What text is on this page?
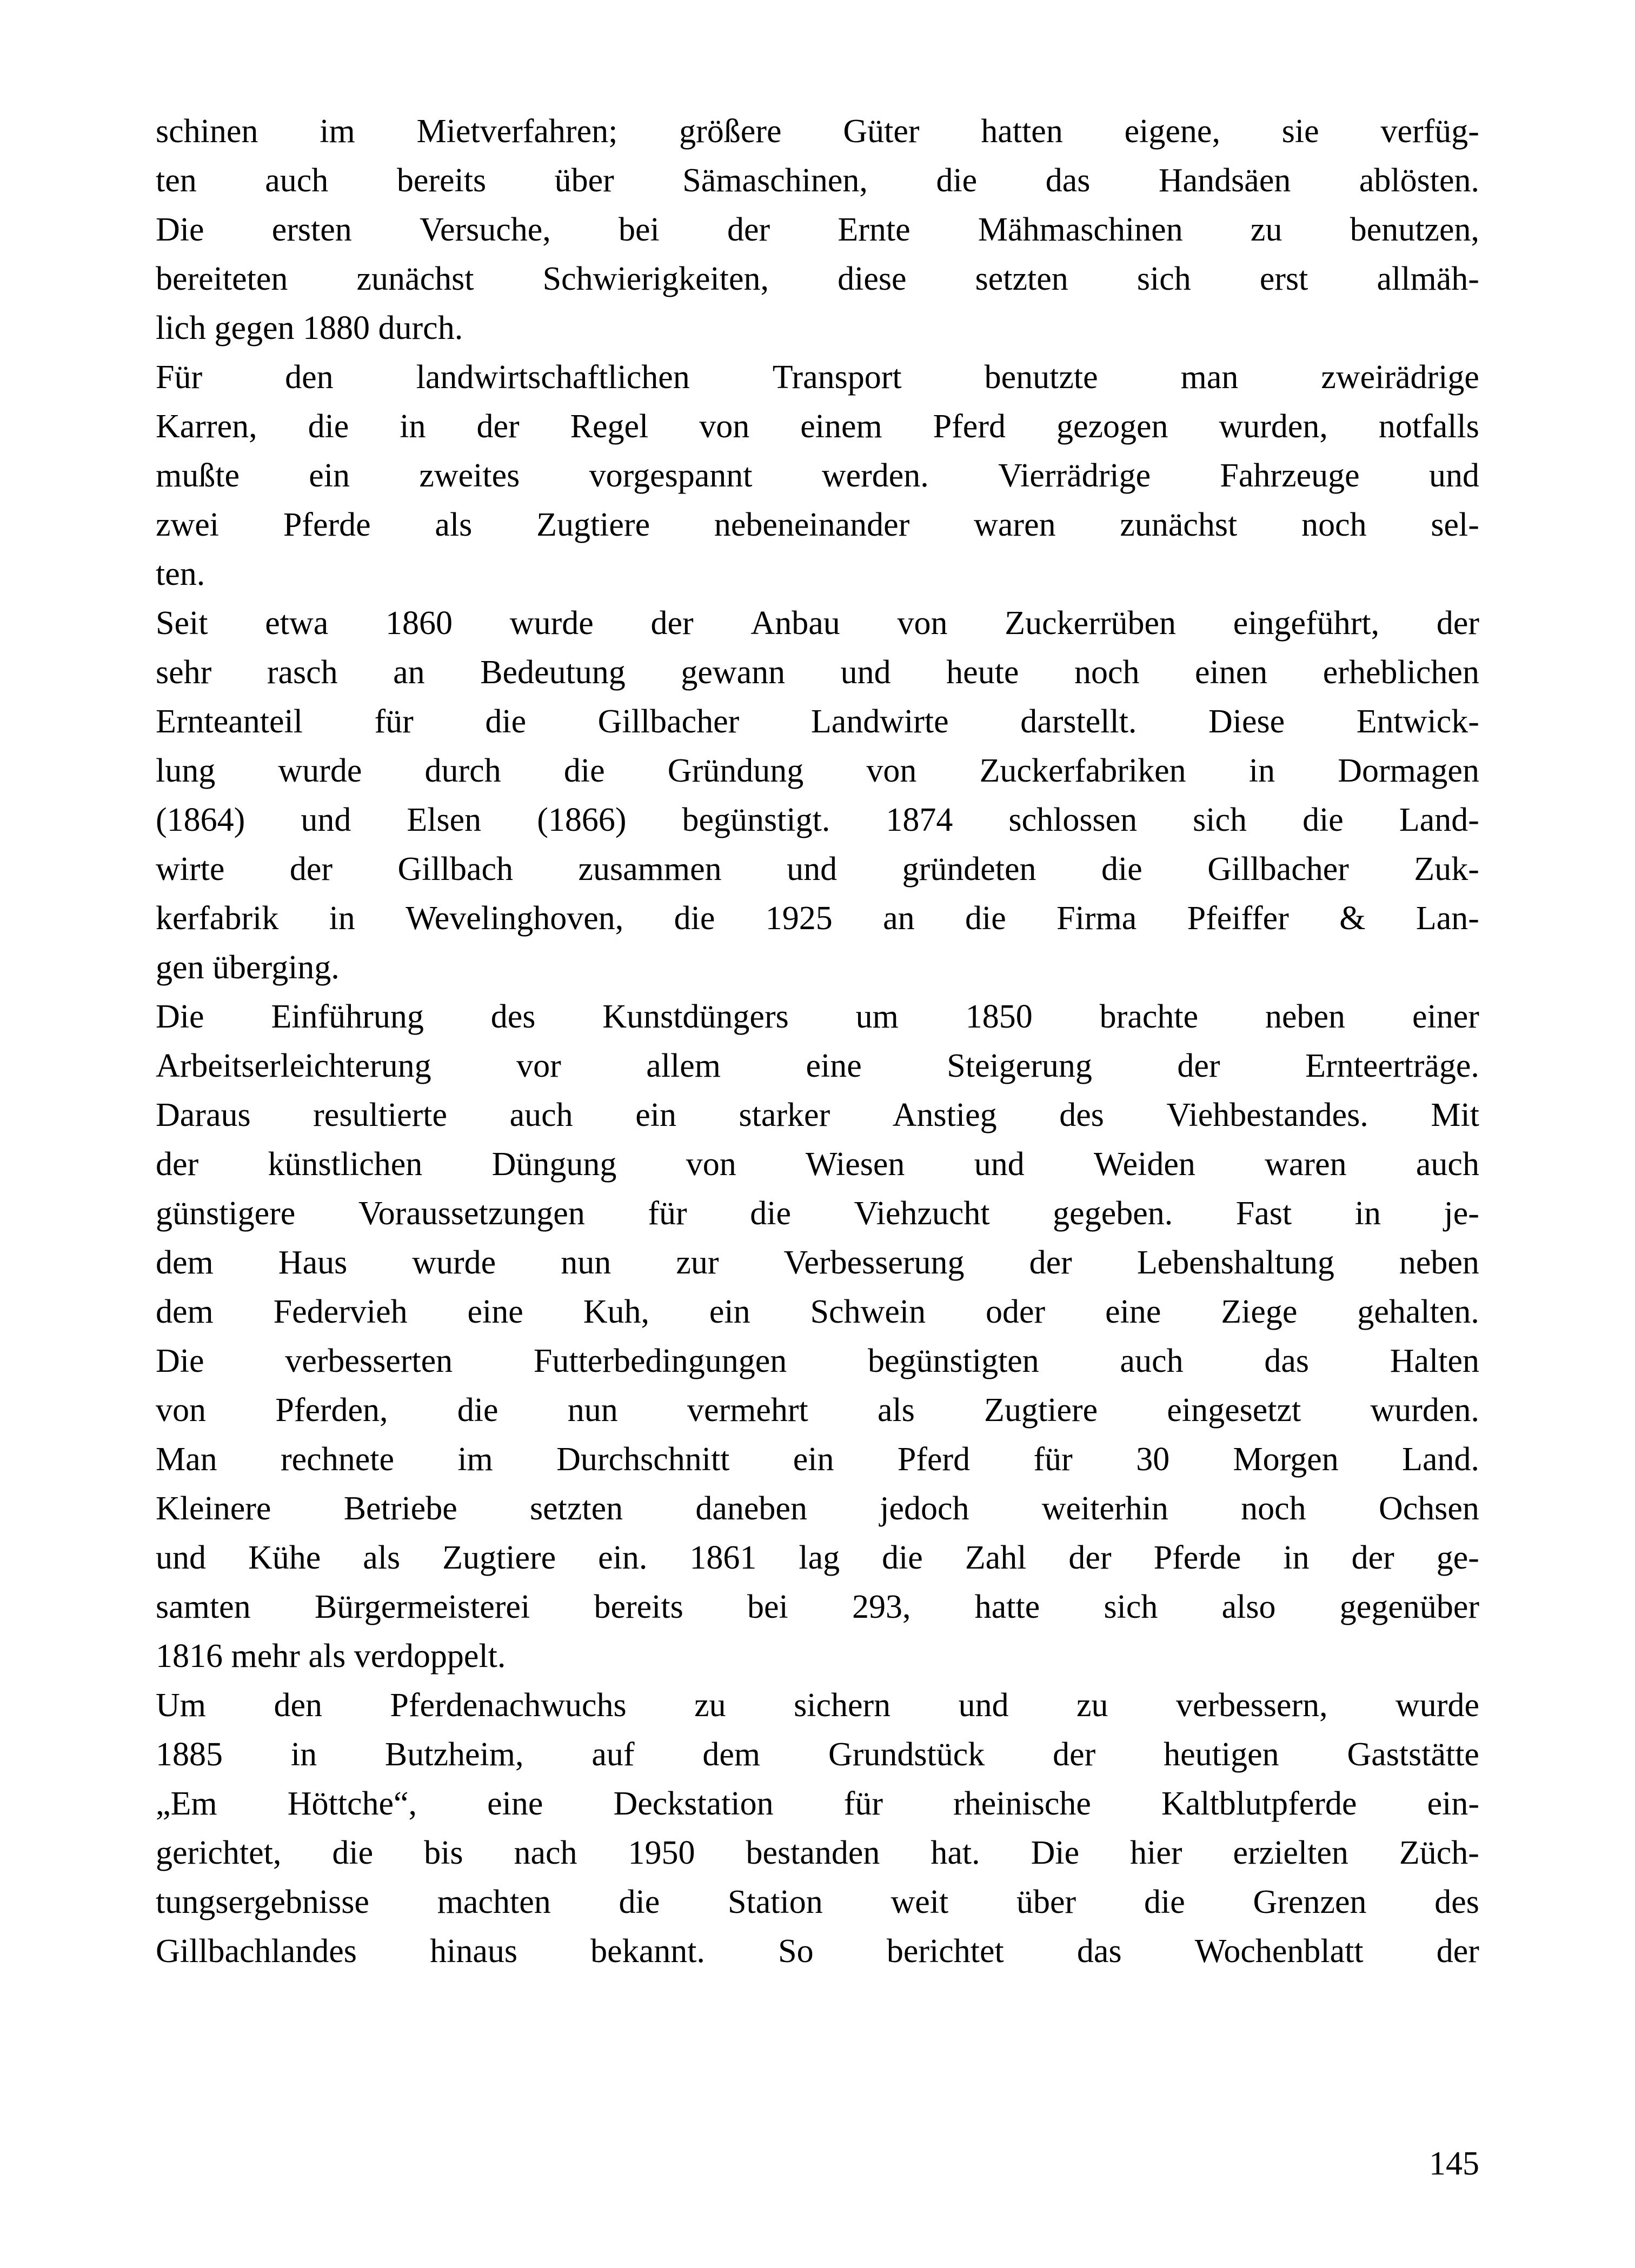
schinen im Mietverfahren; größere Güter hatten eigene, sie verfüg-
ten auch bereits über Sämaschinen, die das Handsäen ablösten.
Die ersten Versuche, bei der Ernte Mähmaschinen zu benutzen,
bereiteten zunächst Schwierigkeiten, diese setzten sich erst allmäh-
lich gegen 1880 durch.
Für den landwirtschaftlichen Transport benutzte man zweirädrige
Karren, die in der Regel von einem Pferd gezogen wurden, notfalls
mußte ein zweites vorgespannt werden. Vierrädrige Fahrzeuge und
zwei Pferde als Zugtiere nebeneinander waren zunächst noch sel-
ten.
Seit etwa 1860 wurde der Anbau von Zuckerrüben eingeführt, der
sehr rasch an Bedeutung gewann und heute noch einen erheblichen
Ernteanteil für die Gillbacher Landwirte darstellt. Diese Entwick-
lung wurde durch die Gründung von Zuckerfabriken in Dormagen
(1864) und Elsen (1866) begünstigt. 1874 schlossen sich die Land-
wirte der Gillbach zusammen und gründeten die Gillbacher Zuk-
kerfabrik in Wevelinghoven, die 1925 an die Firma Pfeiffer & Lan-
gen überging.
Die Einführung des Kunstdüngers um 1850 brachte neben einer
Arbeitserleichterung	vor	allem	eine	Steigerung	der	Ernteerträge.
Daraus resultierte auch ein starker Anstieg des Viehbestandes. Mit
der künstlichen Düngung von Wiesen und Weiden waren auch
günstigere Voraussetzungen für die Viehzucht gegeben. Fast in je-
dem Haus wurde nun zur Verbesserung der Lebenshaltung neben
dem Federvieh eine Kuh, ein Schwein oder eine Ziege gehalten.
Die verbesserten Futterbedingungen begünstigten auch das Halten
von Pferden, die nun vermehrt als Zugtiere eingesetzt wurden.
Man rechnete im Durchschnitt ein Pferd für 30 Morgen Land.
Kleinere Betriebe setzten daneben jedoch weiterhin noch Ochsen
und Kühe als Zugtiere ein. 1861 lag die Zahl der Pferde in der ge-
samten Bürgermeisterei bereits bei 293, hatte sich also gegenüber
1816 mehr als verdoppelt.
Um den Pferdenachwuchs zu sichern und zu verbessern, wurde
1885 in Butzheim, auf dem Grundstück der heutigen Gaststätte
„Em Höttche“, eine Deckstation für rheinische Kaltblutpferde ein-
gerichtet, die bis nach 1950 bestanden hat. Die hier erzielten Züch-
tungsergebnisse machten die Station weit über die Grenzen des
Gillbachlandes hinaus bekannt. So berichtet das Wochenblatt der
145
